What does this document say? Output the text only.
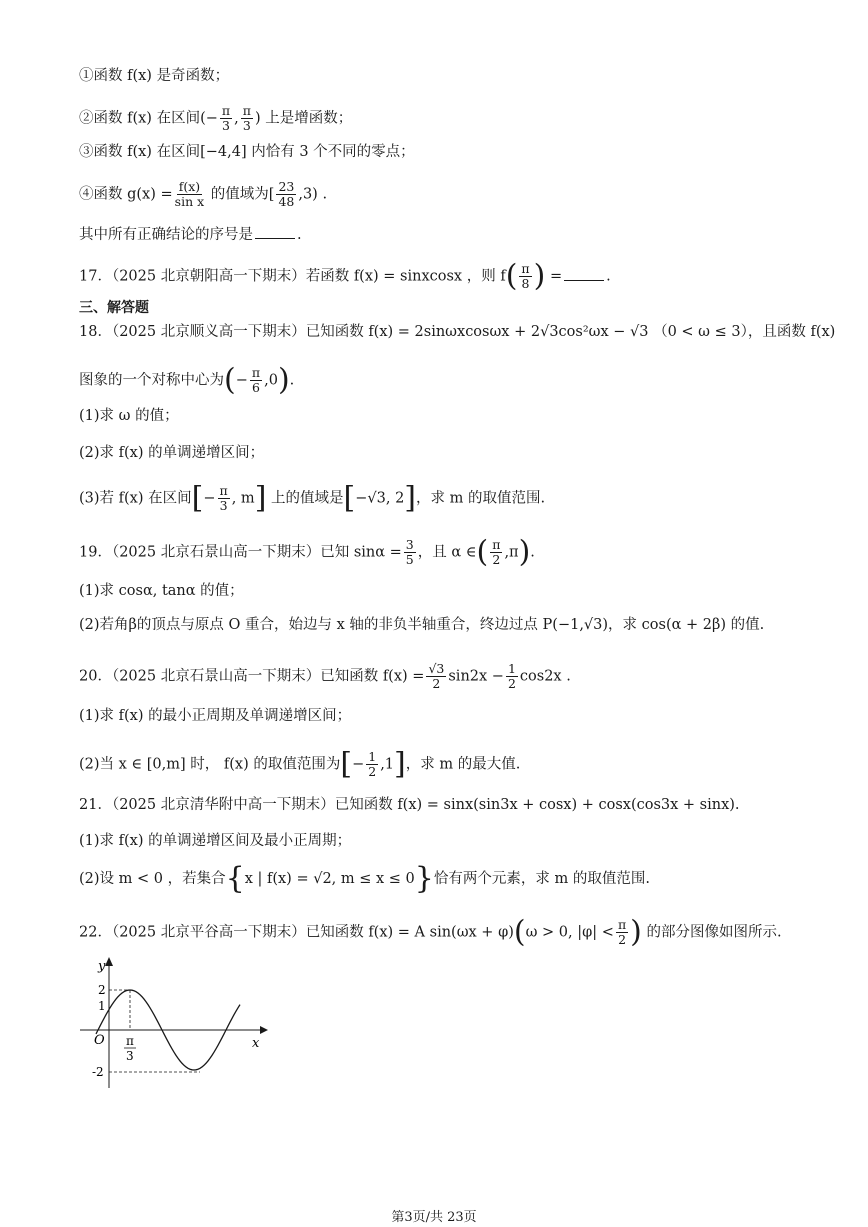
①函数 f(x) 是奇函数；
②函数 f(x) 在区间(− $\frac{\pi}{3}$ , $\frac{\pi}{3}$ ) 上是增函数；
③函数 f(x) 在区间[−4,4] 内恰有 3 个不同的零点；
④函数 $g(x) = \frac{f(x)}{\text{sin x}}$ 的值域为[ $\frac{23}{48} ,3$) .
其中所有正确结论的序号是	.
17．（2025 北京朝阳高一下期末）若函数 f(x) = sinxcosx ，则 $f( \frac{\pi}{8}$ ) =	.
三、解答题
18．（2025 北京顺义高一下期末）已知函数 f(x) = 2sinωxcosωx + 2√3cos²ωx − √3 （0 < ω ≤ 3），且函数 f(x)
图象的一个对称中心为(− $\frac{\pi}{6} ,0$).
(1)求 ω 的值；
(2)求 f(x) 的单调递增区间；
(3)若 f(x) 在区间[− $\frac{\pi}{3}$ , m] 上的值域是[−√3, 2]，求 m 的取值范围.
19．（2025 北京石景山高一下期末）已知 $\sin\alpha = \frac{3}{5}$ ，且 α ∈( $\frac{\pi}{2} ,\pi$).
(1)求 cosα, tanα 的值；
(2)若角β的顶点与原点 O 重合，始边与 x 轴的非负半轴重合，终边过点 P(−1,√3)，求 cos(α + 2β) 的值.
20．（2025 北京石景山高一下期末）已知函数 $f(x) = \frac{√3}{2} \sin 2x - \frac{1}{2} \cos 2x$ .
(1)求 f(x) 的最小正周期及单调递增区间；
(2)当 x ∈ [0,m] 时， f(x) 的取值范围为[− $\frac{1}{2} ,1$]，求 m 的最大值.
21．（2025 北京清华附中高一下期末）已知函数 f(x) = sinx(sin3x + cosx) + cosx(cos3x + sinx).
(1)求 f(x) 的单调递增区间及最小正周期；
(2)设 m < 0 ，若集合{x | f(x) = √2, m ≤ x ≤ 0}恰有两个元素，求 m 的取值范围.
22．（2025 北京平谷高一下期末）已知函数 f(x) = A sin(ωx + φ)(ω > 0, $|\varphi| < \frac{\pi}{2}$ ) 的部分图像如图所示.
y
x
O
2
1
-2
π
3
第3页/共 23页
